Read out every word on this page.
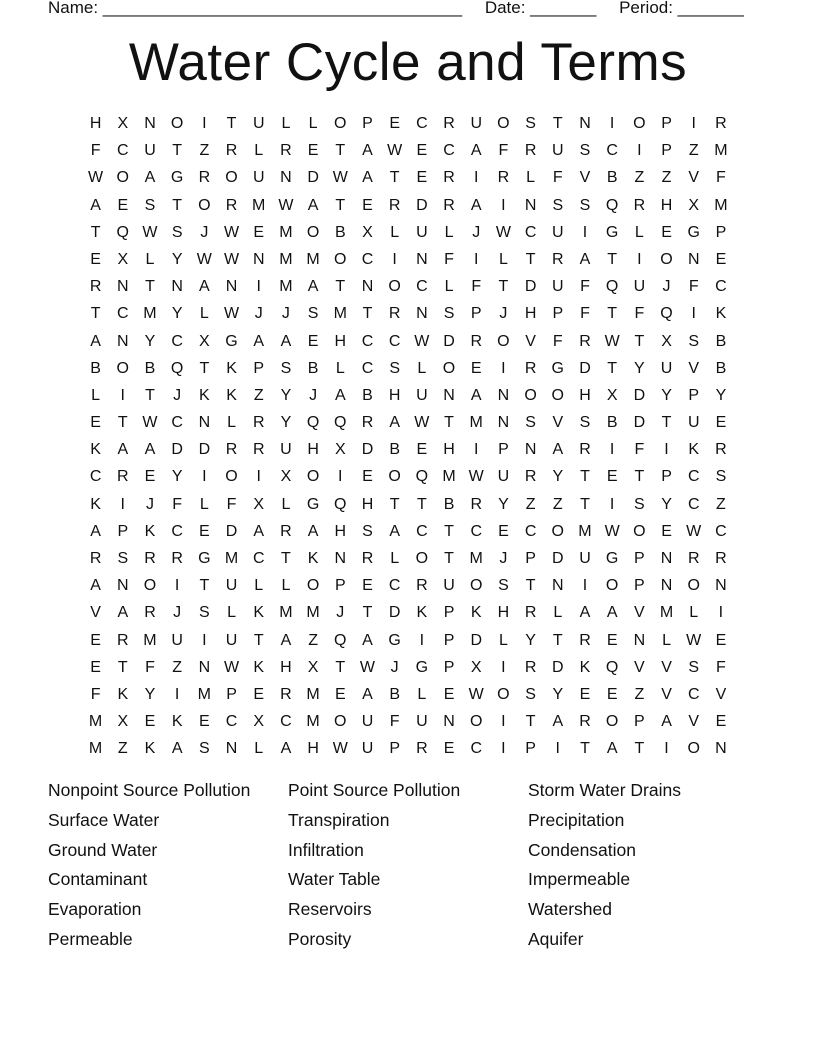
Name: ______________________________________ Date: _______ Period: _______
Water Cycle and Terms
H	X	N O	I	T	U	L	L	O P	E	C R U O S	T	N	I	O P	I	R
F	C U	T	Z	R	L	R	E	T	A W E	C	A	F	R U	S	C	I	P	Z M
W O A G R O U N D W A	T	E	R	I	R	L	F	V	B	Z	Z	V	F
A	E	S	T	O R M W A	T	E	R D R	A	I	N	S	S Q R H	X M
T	Q W S	J W E M O B	X	L	U	L	J W C U	I	G	L	E G P
E	X	L	Y W W N M M O C	I	N	F	I	L	T	R	A	T	I	O N	E
R N	T	N	A	N	I	M A	T	N O C	L	F	T	D U	F	Q U	J	F	C
T	C M Y	L W J	J	S M T	R N	S	P	J	H	P	F	T	F	Q	I	K
A	N	Y	C	X G A	A	E	H C C W D R O V	F	R W T	X	S	B
B O B Q	T	K	P	S	B	L	C	S	L	O E	I	R G D	T	Y	U	V	B
L	I	T	J	K	K	Z	Y	J	A	B	H U N	A	N O O H	X	D	Y	P	Y
E	T W C N	L	R	Y Q Q R	A W T M N	S	V	S	B	D	T	U	E
K	A	A	D D R R U H	X	D	B	E	H	I	P	N	A	R	I	F	I	K	R
C R	E	Y	I	O	I	X O	I	E O Q M W U R	Y	T	E	T	P	C	S
K	I	J	F	L	F	X	L	G Q H	T	T	B	R	Y	Z	Z	T	I	S	Y	C	Z
A	P	K	C	E	D	A	R	A	H	S	A	C	T	C	E	C O M W O E W C
R	S	R R G M C	T	K	N R	L	O	T M	J	P	D U G P	N R R
A	N O	I	T	U	L	L	O P	E	C R U O S	T	N	I	O P	N O N
V	A	R	J	S	L	K M M	J	T	D	K	P	K	H R	L	A	A	V M	L	I
E	R M U	I	U	T	A	Z	Q A G	I	P	D	L	Y	T	R	E	N	L W E
E	T	F	Z	N W K	H	X	T W J	G P	X	I	R D	K Q V	V	S	F
F	K	Y	I	M P	E	R M E	A	B	L	E W O S	Y	E	E	Z	V	C	V
M X	E	K	E	C	X	C M O U	F	U N O	I	T	A	R O P	A	V	E
M Z	K	A	S	N	L	A	H W U	P	R	E	C	I	P	I	T	A	T	I	O N
Nonpoint Source Pollution	Point Source Pollution	Storm Water Drains
Surface Water	Transpiration	Precipitation
Ground Water	Infiltration	Condensation
Contaminant	Water Table	Impermeable
Evaporation	Reservoirs	Watershed
Permeable	Porosity	Aquifer
